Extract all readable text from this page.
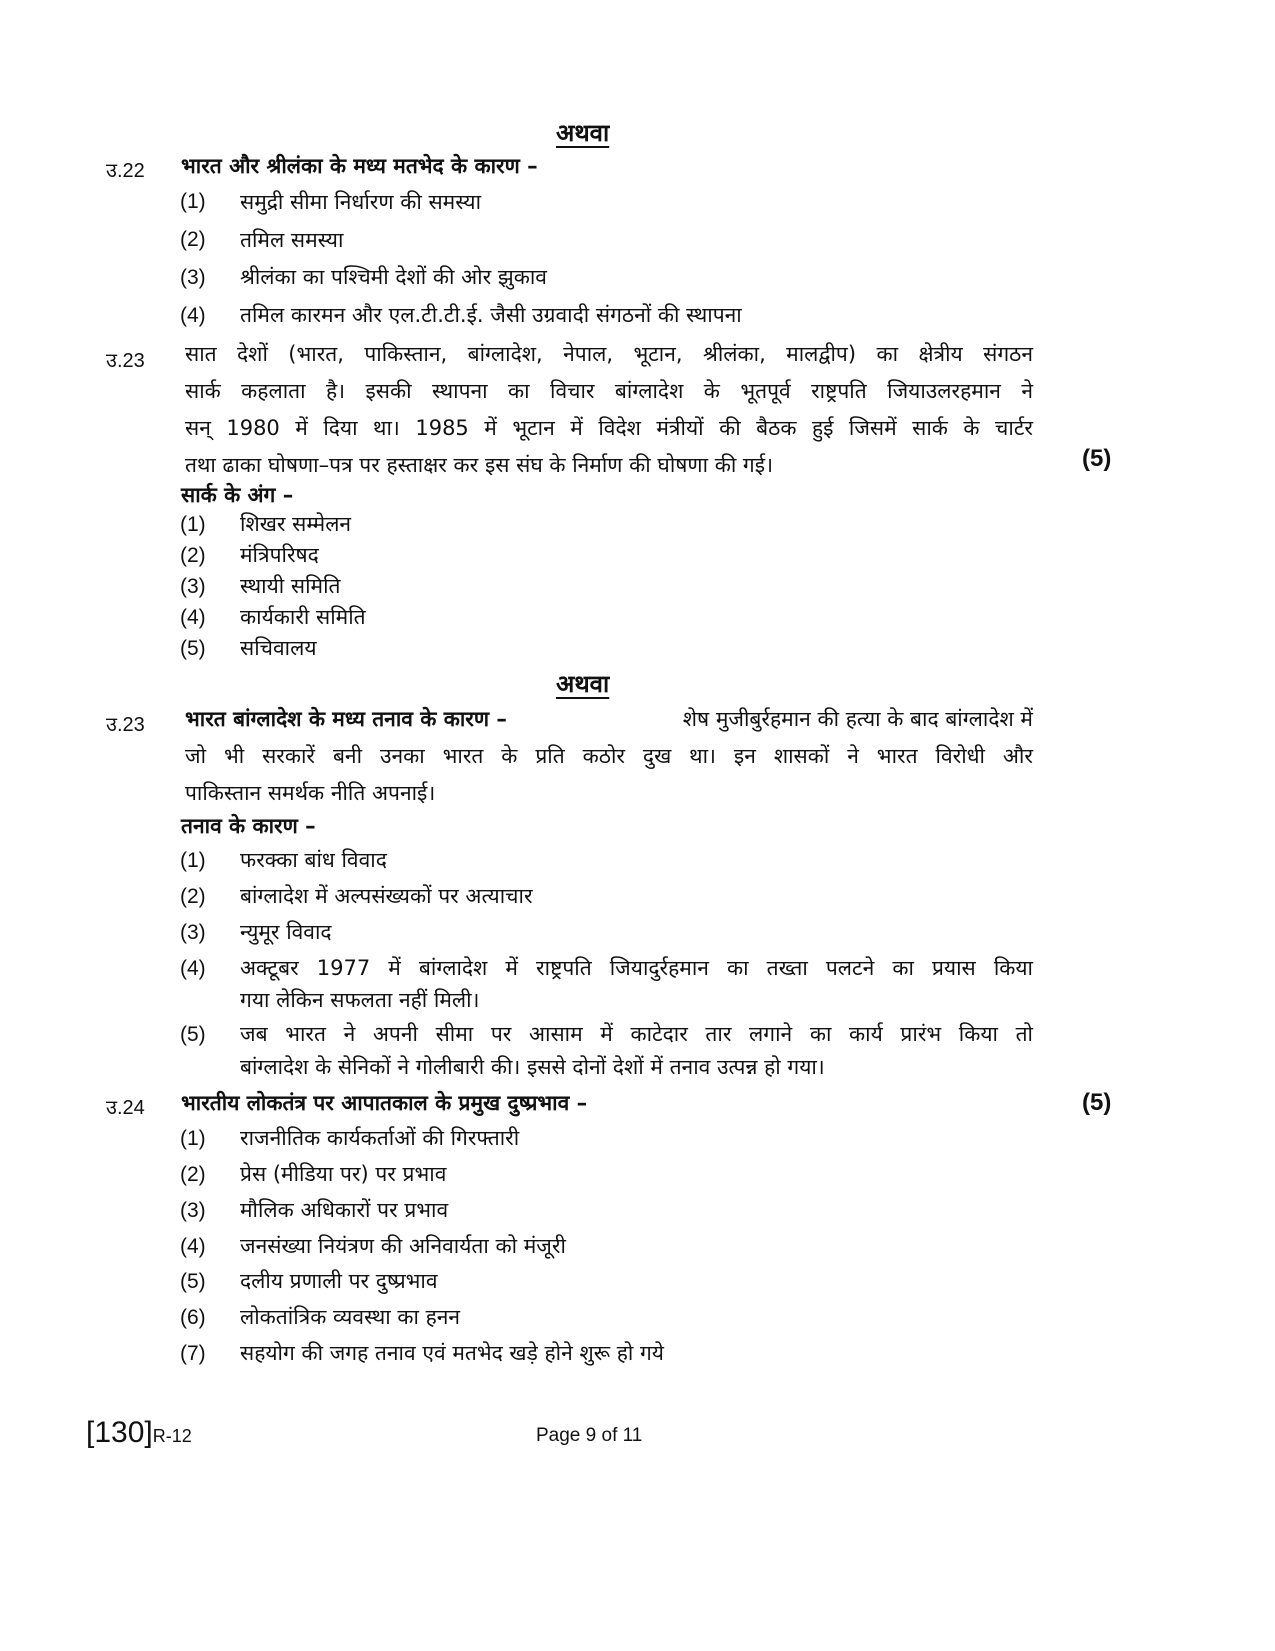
अथवा
उ.22 भारत और श्रीलंका के मध्य मतभेद के कारण –
(1) समुद्री सीमा निर्धारण की समस्या
(2) तमिल समस्या
(3) श्रीलंका का पश्चिमी देशों की ओर झुकाव
(4) तमिल कारमन और एल.टी.टी.ई. जैसी उग्रवादी संगठनों की स्थापना
उ.23 सात देशों (भारत, पाकिस्तान, बांग्लादेश, नेपाल, भूटान, श्रीलंका, मालद्वीप) का क्षेत्रीय संगठन
सार्क कहलाता है। इसकी स्थापना का विचार बांग्लादेश के भूतपूर्व राष्ट्रपति जियाउलरहमान ने
सन् 1980 में दिया था। 1985 में भूटान में विदेश मंत्रीयों की बैठक हुई जिसमें सार्क के चार्टर
तथा ढाका घोषणा–पत्र पर हस्ताक्षर कर इस संघ के निर्माण की घोषणा की गई।	(5)
सार्क के अंग –
(1) शिखर सम्मेलन
(2) मंत्रिपरिषद
(3) स्थायी समिति
(4) कार्यकारी समिति
(5) सचिवालय
अथवा
उ.23 भारत बांग्लादेश के मध्य तनाव के कारण –	शेष मुजीबुर्रहमान की हत्या के बाद बांग्लादेश में
जो भी सरकारें बनी उनका भारत के प्रति कठोर दुख था। इन शासकों ने भारत विरोधी और
पाकिस्तान समर्थक नीति अपनाई।
तनाव के कारण –
(1) फरक्का बांध विवाद
(2) बांग्लादेश में अल्पसंख्यकों पर अत्याचार
(3) न्युमूर विवाद
(4) अक्टूबर 1977 में बांग्लादेश में राष्ट्रपति जियादुर्रहमान का तख्ता पलटने का प्रयास किया
गया लेकिन सफलता नहीं मिली।
(5) जब भारत ने अपनी सीमा पर आसाम में काटेदार तार लगाने का कार्य प्रारंभ किया तो
बांग्लादेश के सेनिकों ने गोलीबारी की। इससे दोनों देशों में तनाव उत्पन्न हो गया।
उ.24 भारतीय लोकतंत्र पर आपातकाल के प्रमुख दुष्प्रभाव –	(5)
(1) राजनीतिक कार्यकर्ताओं की गिरफ्तारी
(2) प्रेस (मीडिया पर) पर प्रभाव
(3) मौलिक अधिकारों पर प्रभाव
(4) जनसंख्या नियंत्रण की अनिवार्यता को मंजूरी
(5) दलीय प्रणाली पर दुष्प्रभाव
(6) लोकतांत्रिक व्यवस्था का हनन
(7) सहयोग की जगह तनाव एवं मतभेद खड़े होने शुरू हो गये
[130]R-12	Page 9 of 11
